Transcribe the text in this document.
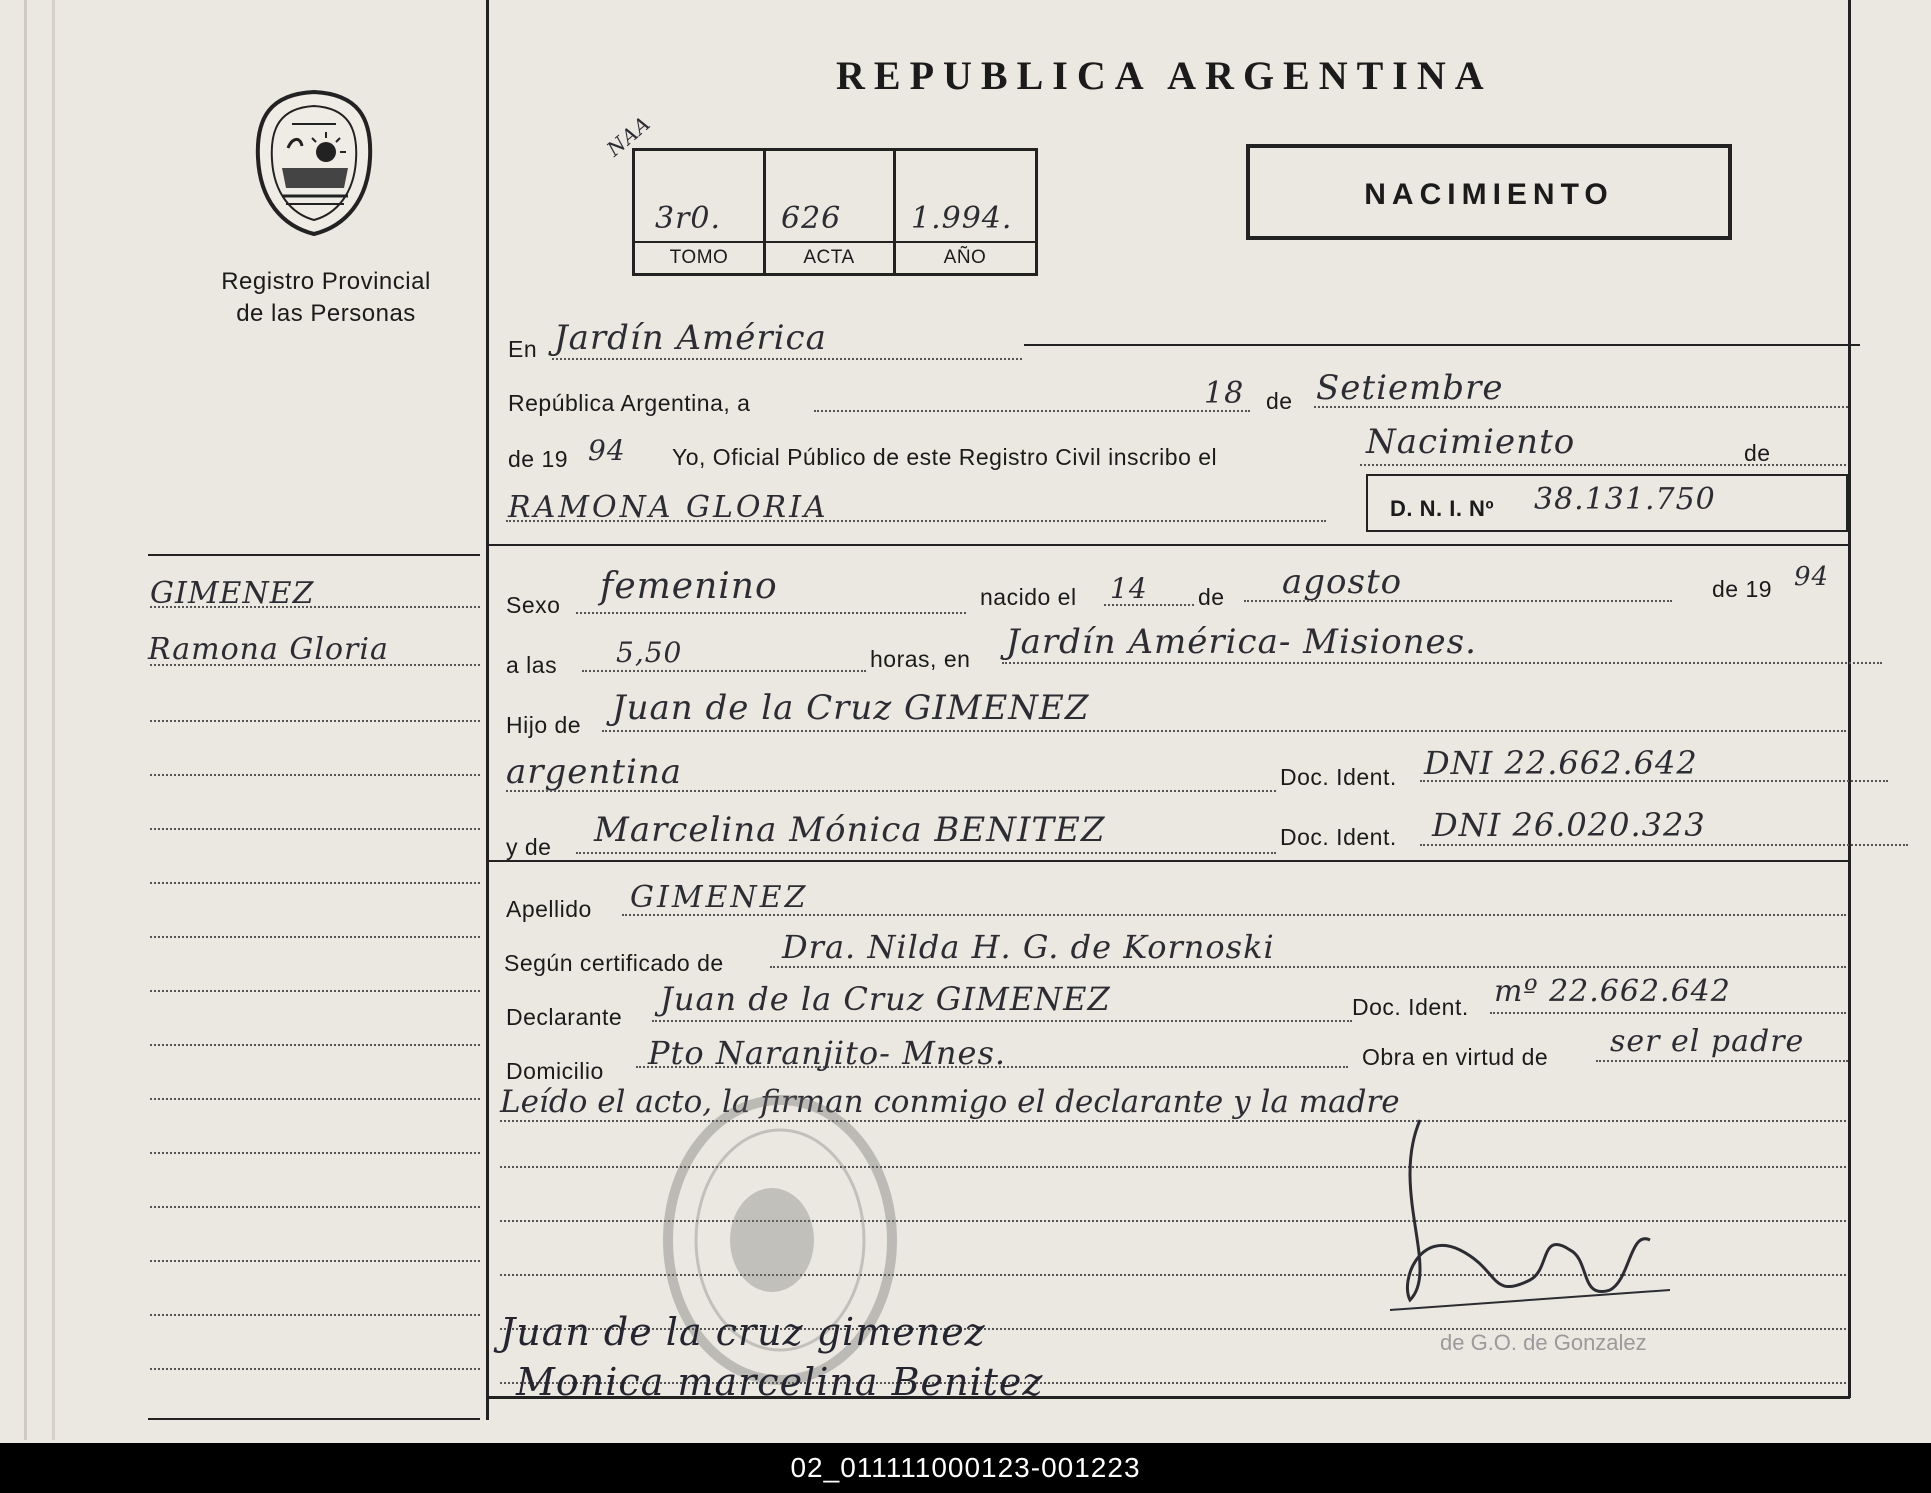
Registro Provincial
de las Personas
GIMENEZ
Ramona Gloria
REPUBLICA ARGENTINA
NAA
3r0. 626 1.994.
TOMO	ACTA	AÑO
NACIMIENTO
En Jardín América
República Argentina, a	18 de Setiembre
de 19 94 Yo, Oficial Público de este Registro Civil inscribo el	Nacimiento	de
RAMONA GLORIA	D. N. I. Nº 38.131.750
Sexo femenino	nacido el 14 de agosto	de 19 94
a las 5,50	horas, en Jardín América- Misiones.
Hijo de Juan de la Cruz GIMENEZ
argentina	Doc. Ident. DNI 22.662.642
y de Marcelina Mónica BENITEZ	Doc. Ident. DNI 26.020.323
Apellido GIMENEZ
Según certificado de Dra. Nilda H. G. de Kornoski
Declarante Juan de la Cruz GIMENEZ	Doc. Ident. mº 22.662.642
Domicilio Pto Naranjito- Mnes.	Obra en virtud de ser el padre
Leído el acto, la firman conmigo el declarante y la madre
de G.O. de Gonzalez
Juan de la cruz gimenez
Monica marcelina Benitez
02_011111000123-001223
